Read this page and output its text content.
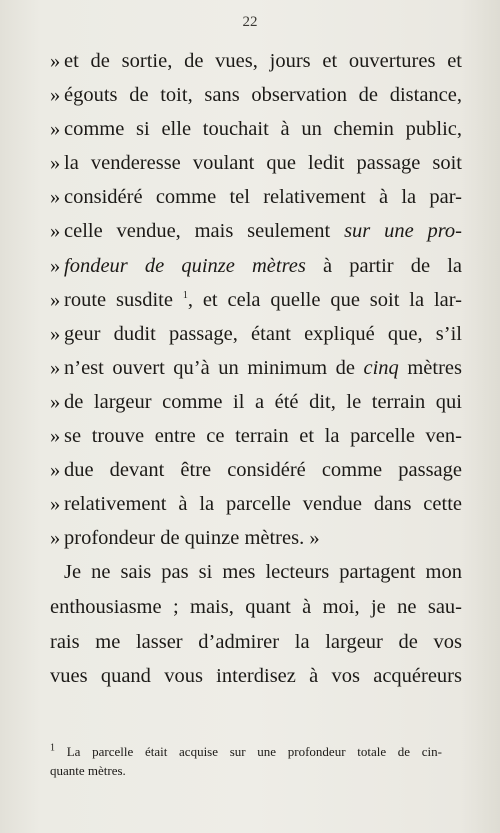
22
» et de sortie, de vues, jours et ouvertures et
» égouts de toit, sans observation de distance,
» comme si elle touchait à un chemin public,
» la venderesse voulant que ledit passage soit
» considéré comme tel relativement à la par-
» celle vendue, mais seulement sur une pro-
» fondeur de quinze mètres à partir de la
» route susdite $^1$, et cela quelle que soit la lar-
» geur dudit passage, étant expliqué que, s’il
» n’est ouvert qu’à un minimum de cinq mètres
» de largeur comme il a été dit, le terrain qui
» se trouve entre ce terrain et la parcelle ven-
» due devant être considéré comme passage
» relativement à la parcelle vendue dans cette
» profondeur de quinze mètres. »
Je ne sais pas si mes lecteurs partagent mon
enthousiasme ; mais, quant à moi, je ne sau-
rais me lasser d’admirer la largeur de vos
vues quand vous interdisez à vos acquéreurs
$^1$ La parcelle était acquise sur une profondeur totale de cin-
quante mètres.
